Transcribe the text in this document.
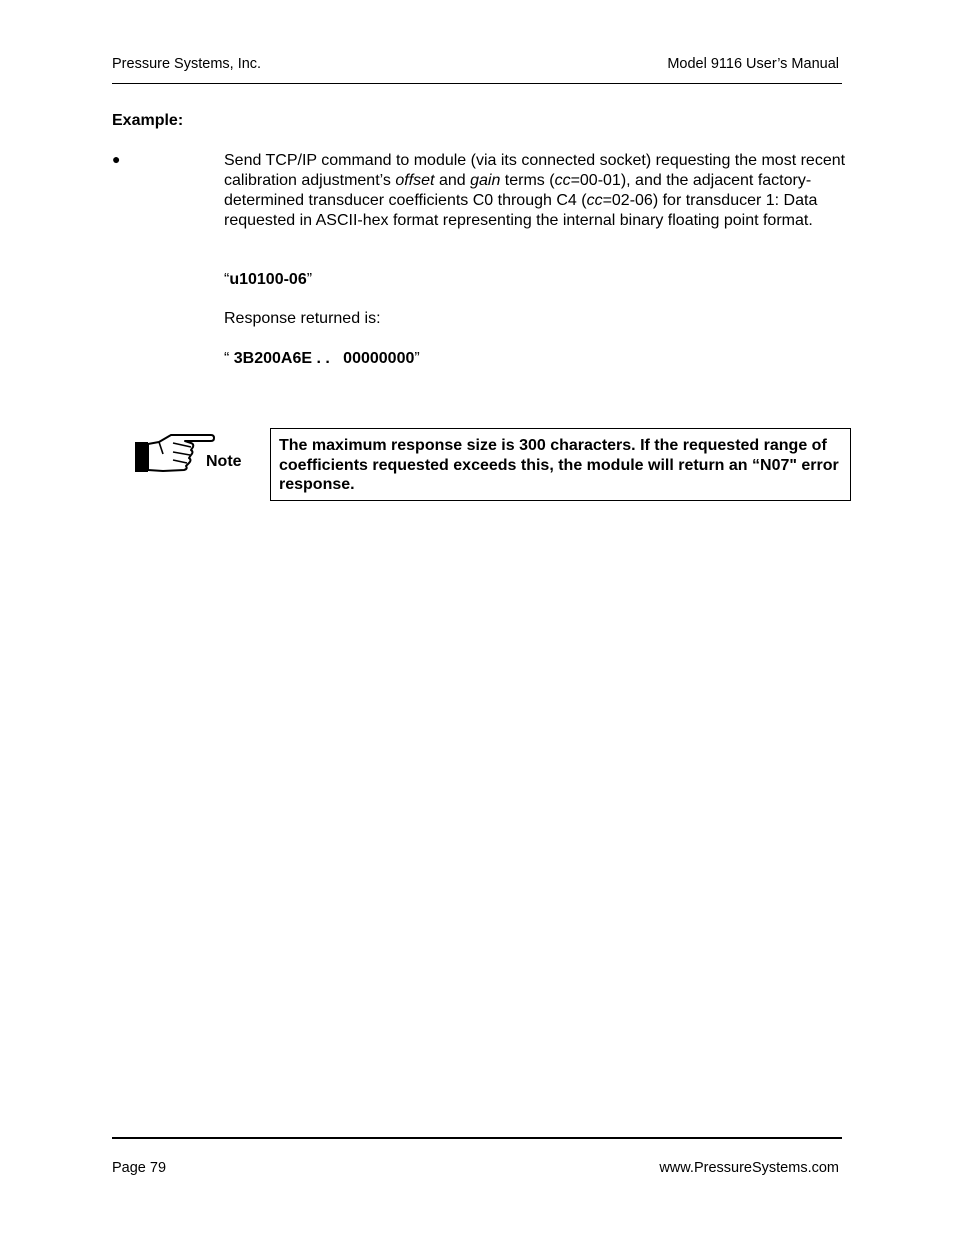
Pressure Systems, Inc.	Model 9116 User’s Manual
Example:
●	Send TCP/IP command to module (via its connected socket) requesting the most recent calibration adjustment’s offset and gain terms (cc=00-01), and the adjacent factory-determined transducer coefficients C0 through C4 (cc=02-06) for transducer 1: Data requested in ASCII-hex format representing the internal binary floating point format.
“u10100-06”
Response returned is:
“ 3B200A6E . .   00000000”
Note
The maximum response size is 300 characters. If the requested range of coefficients requested exceeds this, the module will return an “N07" error response.
Page 79	www.PressureSystems.com
